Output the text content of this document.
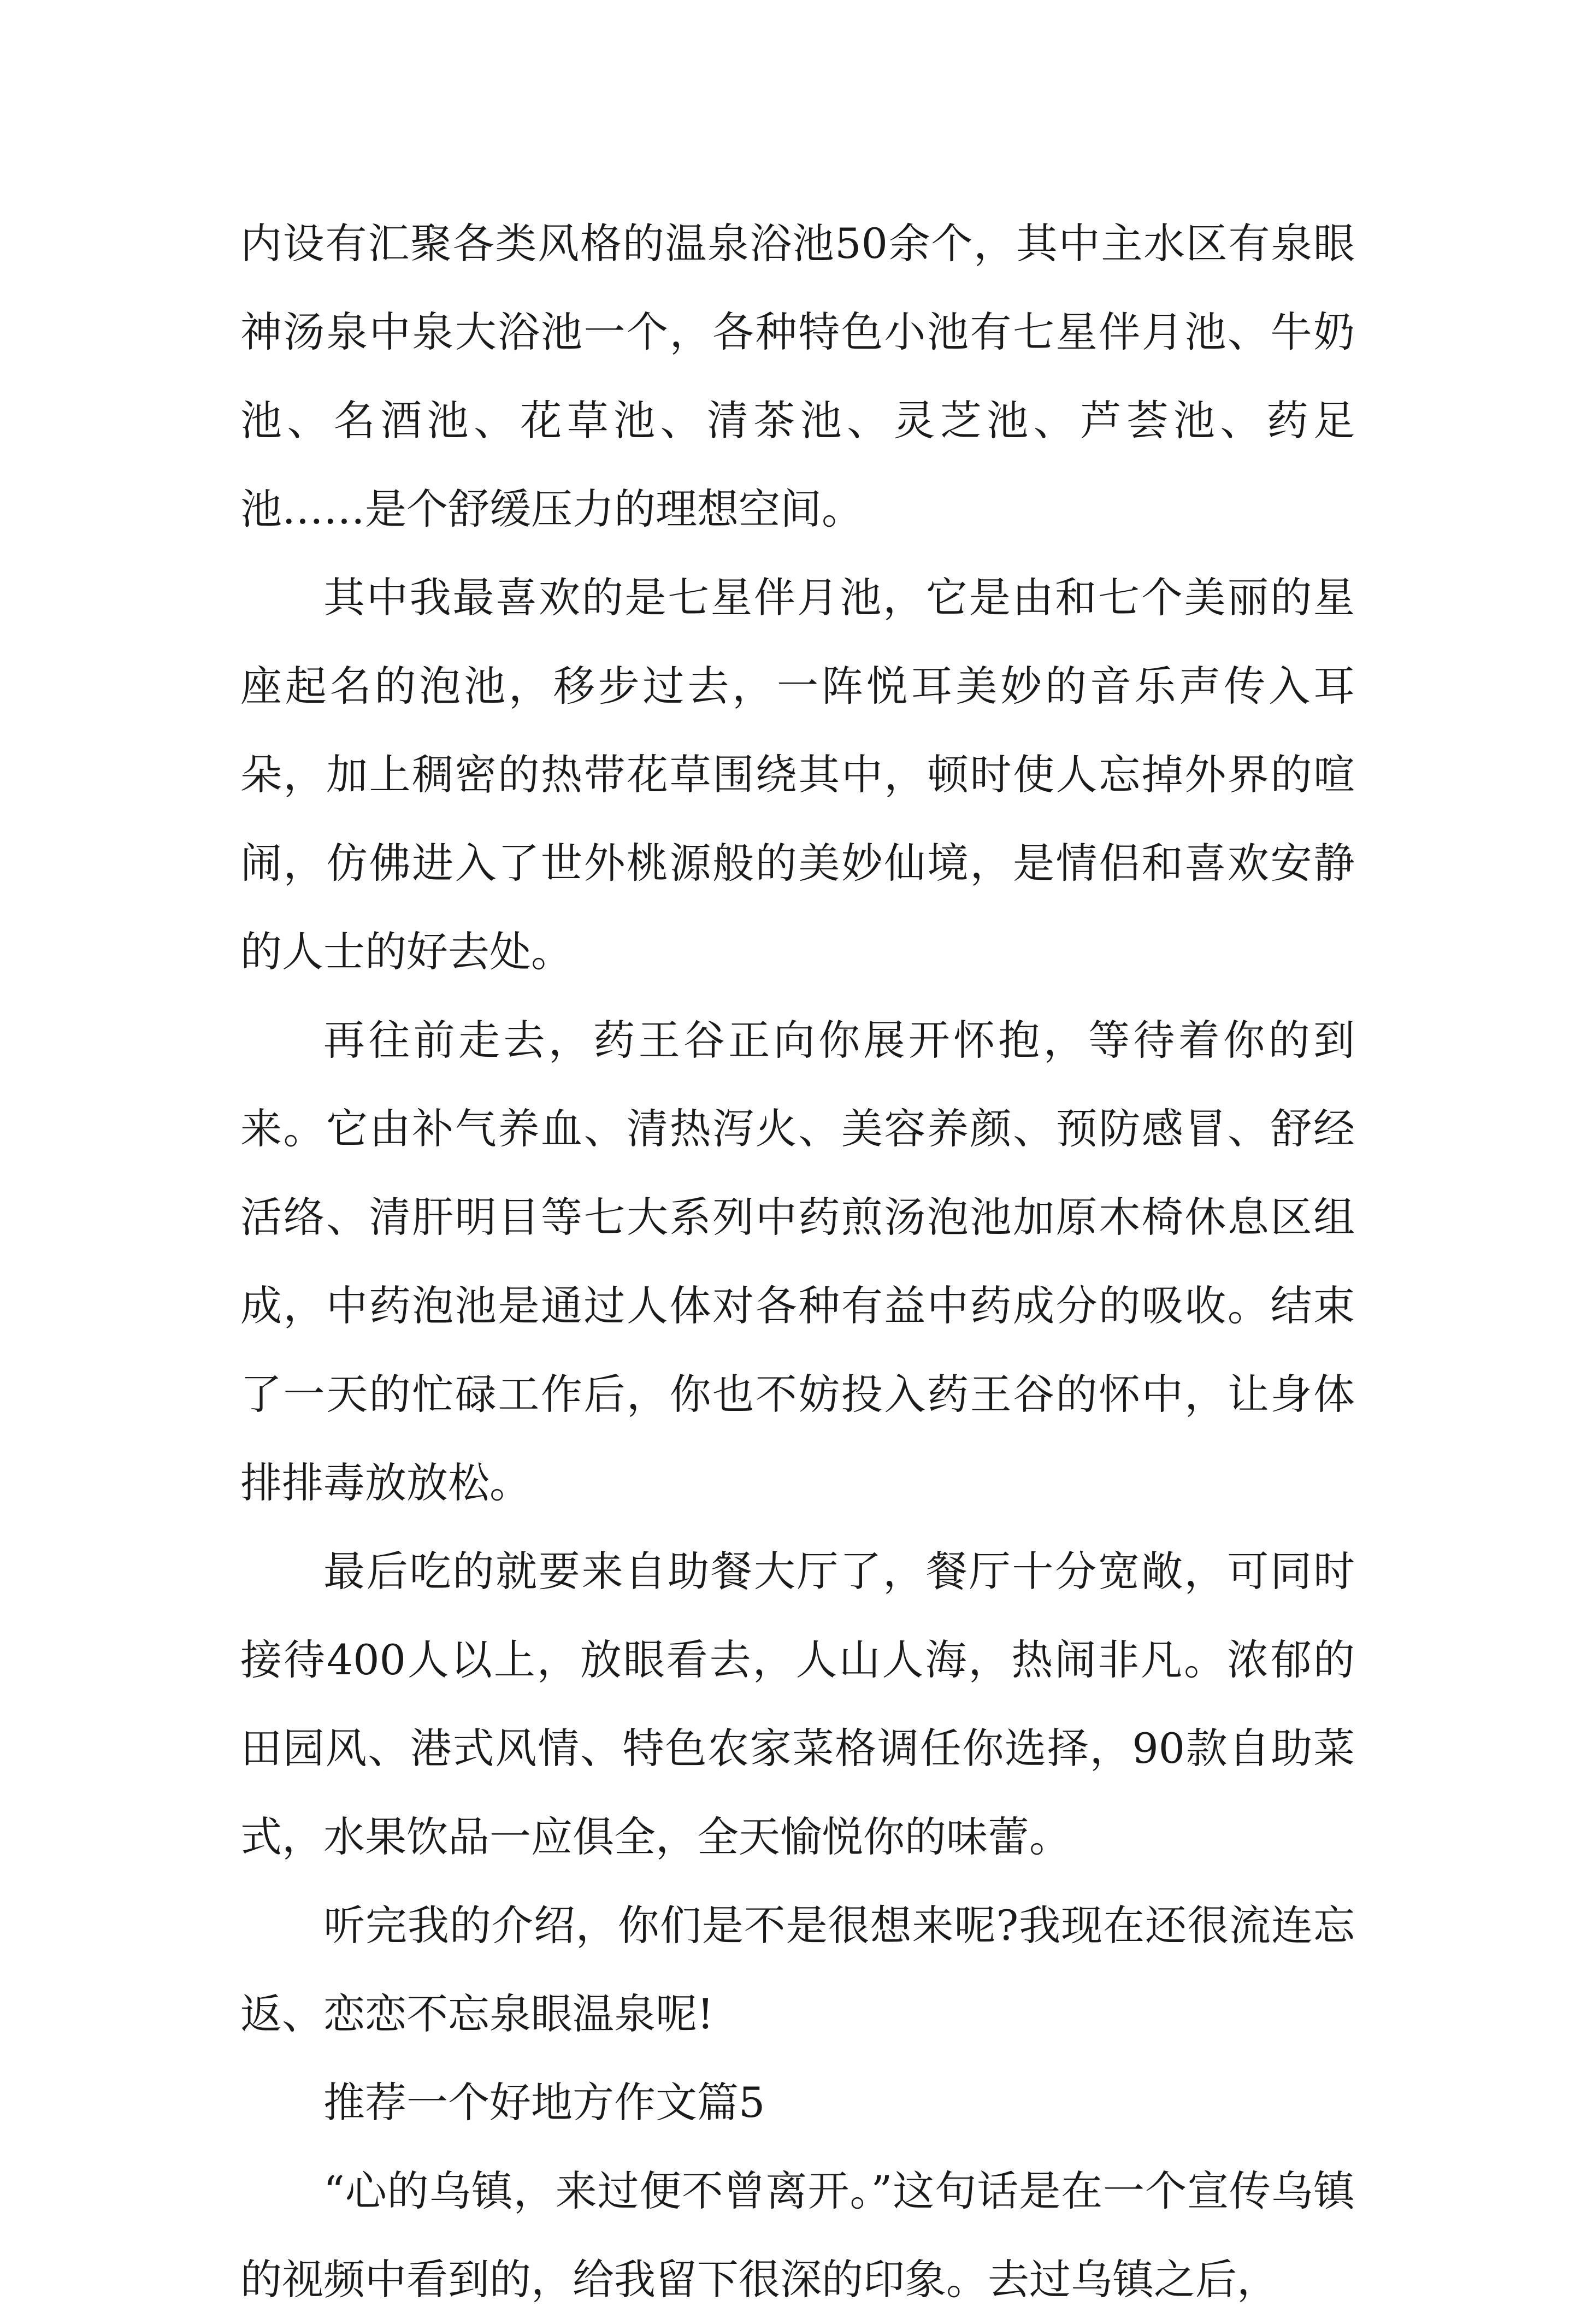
内设有汇聚各类风格的温泉浴池50余个，其中主水区有泉眼神汤泉中泉大浴池一个，各种特色小池有七星伴月池、牛奶池、名酒池、花草池、清茶池、灵芝池、芦荟池、药足池……是个舒缓压力的理想空间。

其中我最喜欢的是七星伴月池，它是由和七个美丽的星座起名的泡池，移步过去，一阵悦耳美妙的音乐声传入耳朵，加上稠密的热带花草围绕其中，顿时使人忘掉外界的喧闹，仿佛进入了世外桃源般的美妙仙境，是情侣和喜欢安静的人士的好去处。

再往前走去，药王谷正向你展开怀抱，等待着你的到来。它由补气养血、清热泻火、美容养颜、预防感冒、舒经活络、清肝明目等七大系列中药煎汤泡池加原木椅休息区组成，中药泡池是通过人体对各种有益中药成分的吸收。结束了一天的忙碌工作后，你也不妨投入药王谷的怀中，让身体排排毒放放松。

最后吃的就要来自助餐大厅了，餐厅十分宽敞，可同时接待400人以上，放眼看去，人山人海，热闹非凡。浓郁的田园风、港式风情、特色农家菜格调任你选择，90款自助菜式，水果饮品一应俱全，全天愉悦你的味蕾。

听完我的介绍，你们是不是很想来呢?我现在还很流连忘返、恋恋不忘泉眼温泉呢!

推荐一个好地方作文篇5

“心的乌镇，来过便不曾离开。”这句话是在一个宣传乌镇的视频中看到的，给我留下很深的印象。去过乌镇之后，
